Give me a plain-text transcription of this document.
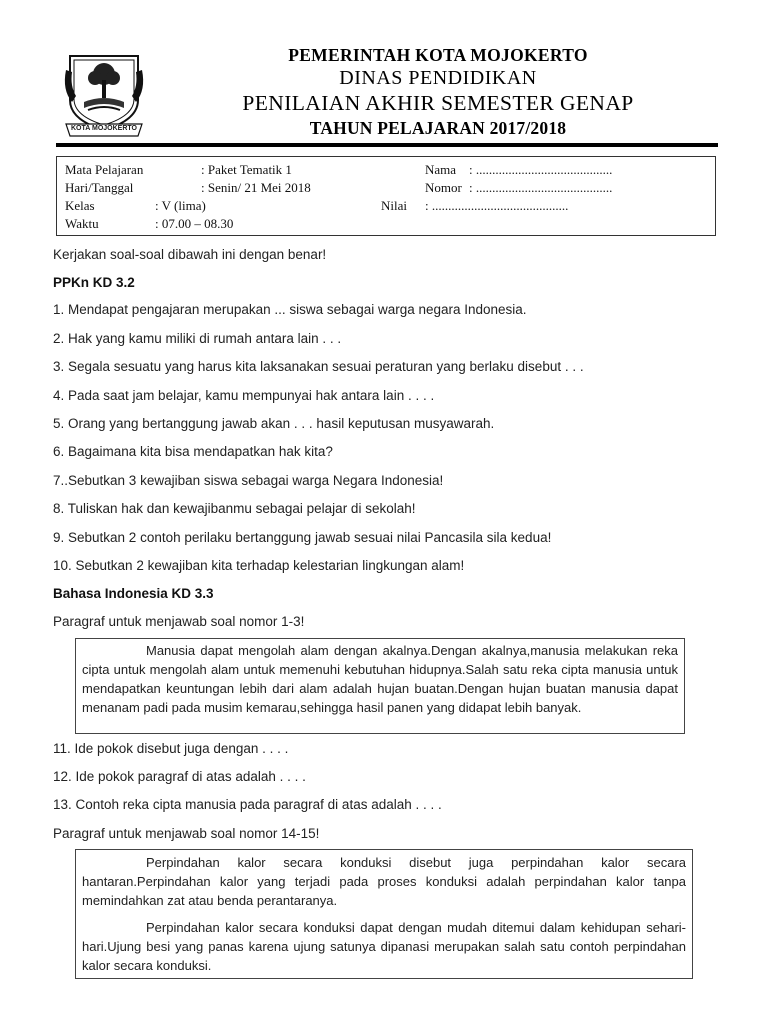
KOTA MOJOKERTO
PEMERINTAH KOTA MOJOKERTO
DINAS PENDIDIKAN
PENILAIAN AKHIR SEMESTER GENAP
TAHUN PELAJARAN 2017/2018
Mata Pelajaran	: Paket Tematik 1
Hari/Tanggal	: Senin/ 21 Mei 2018
Kelas	: V (lima)
Waktu	: 07.00 – 08.30
Nama : ..........................................
Nomor : ..........................................
Nilai : ..........................................
Kerjakan soal-soal dibawah ini dengan benar!
PPKn KD 3.2
1. Mendapat pengajaran merupakan ... siswa sebagai warga negara Indonesia.
2. Hak yang kamu miliki di rumah antara lain . . .
3. Segala sesuatu yang harus kita laksanakan sesuai peraturan yang berlaku disebut . . .
4. Pada saat jam belajar, kamu mempunyai hak antara lain . . . .
5. Orang yang bertanggung jawab akan . . . hasil keputusan musyawarah.
6. Bagaimana kita bisa mendapatkan hak kita?
7..Sebutkan 3 kewajiban siswa sebagai warga Negara Indonesia!
8. Tuliskan hak dan kewajibanmu sebagai pelajar di sekolah!
9. Sebutkan 2 contoh perilaku bertanggung jawab sesuai nilai Pancasila sila kedua!
10. Sebutkan 2 kewajiban kita terhadap kelestarian lingkungan alam!
Bahasa Indonesia KD 3.3
Paragraf untuk menjawab soal nomor 1-3!

Manusia dapat mengolah alam dengan akalnya.Dengan akalnya,manusia melakukan reka cipta untuk mengolah alam untuk memenuhi kebutuhan hidupnya.Salah satu reka cipta manusia untuk mendapatkan keuntungan lebih dari alam adalah hujan buatan.Dengan hujan buatan manusia dapat menanam padi pada musim kemarau,sehingga hasil panen yang didapat lebih banyak.

11. Ide pokok disebut juga dengan . . . .
12. Ide pokok paragraf di atas adalah . . . .
13. Contoh reka cipta manusia pada paragraf di atas adalah . . . .
Paragraf untuk menjawab soal nomor 14-15!

Perpindahan kalor secara konduksi disebut juga perpindahan kalor secara hantaran.Perpindahan kalor yang terjadi pada proses konduksi adalah perpindahan kalor tanpa memindahkan zat atau benda perantaranya.

Perpindahan kalor secara konduksi dapat dengan mudah ditemui dalam kehidupan sehari-hari.Ujung besi yang panas karena ujung satunya dipanasi merupakan salah satu contoh perpindahan kalor secara konduksi.
